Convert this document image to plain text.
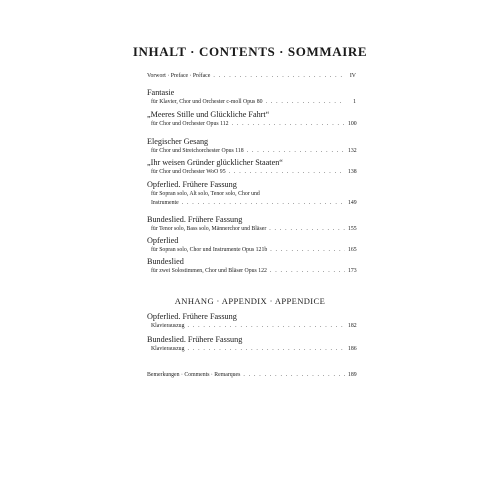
INHALT · CONTENTS · SOMMAIRE
Vorwort · Preface · Préface . . .	IV
Fantasie
für Klavier, Chor und Orchester c-moll Opus 80 . . .	1
„Meeres Stille und Glückliche Fahrt“
für Chor und Orchester Opus 112 . . .	100
Elegischer Gesang
für Chor und Streichorchester Opus 118 . . .	132
„Ihr weisen Gründer glücklicher Staaten“
für Chor und Orchester WoO 95 . . .	138
Opferlied. Frühere Fassung
für Sopran solo, Alt solo, Tenor solo, Chor und
Instrumente . . .	149
Bundeslied. Frühere Fassung
für Tenor solo, Bass solo, Männerchor und Bläser . . .	155
Opferlied
für Sopran solo, Chor und Instrumente Opus 121b . . .	165
Bundeslied
für zwei Solostimmen, Chor und Bläser Opus 122 . . .	173
ANHANG · APPENDIX · APPENDICE
Opferlied. Frühere Fassung
Klavierauszug . . .	182
Bundeslied. Frühere Fassung
Klavierauszug . . .	186
Bemerkungen · Comments · Remarques . . .	189
